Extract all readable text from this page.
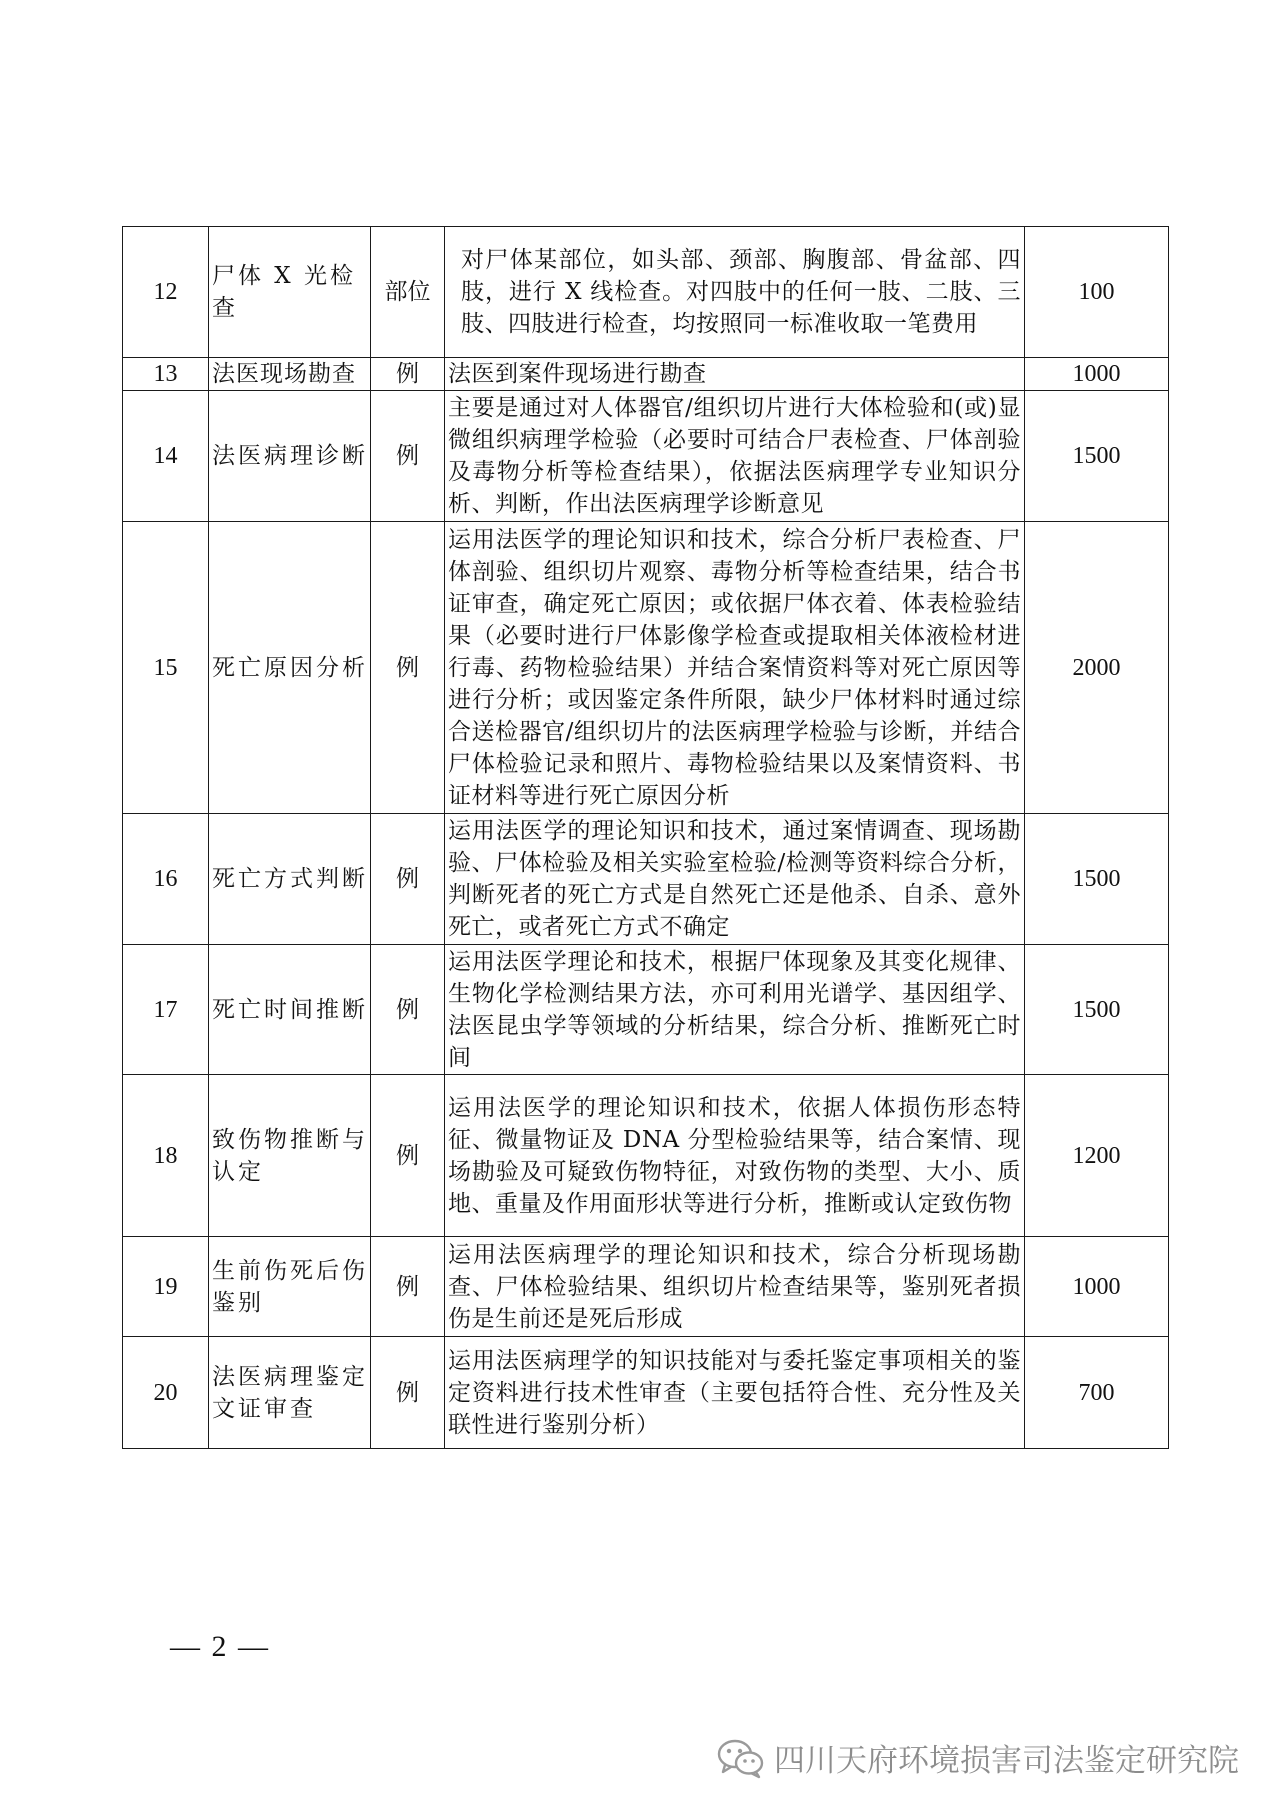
12	尸体 X 光检查	部位	对尸体某部位，如头部、颈部、胸腹部、骨盆部、四肢，进行 X 线检查。对四肢中的任何一肢、二肢、三肢、四肢进行检查，均按照同一标准收取一笔费用	100
13	法医现场勘查	例	法医到案件现场进行勘查	1000
14	法医病理诊断	例	主要是通过对人体器官/组织切片进行大体检验和(或)显微组织病理学检验（必要时可结合尸表检查、尸体剖验及毒物分析等检查结果），依据法医病理学专业知识分析、判断，作出法医病理学诊断意见	1500
15	死亡原因分析	例	运用法医学的理论知识和技术，综合分析尸表检查、尸体剖验、组织切片观察、毒物分析等检查结果，结合书证审查，确定死亡原因；或依据尸体衣着、体表检验结果（必要时进行尸体影像学检查或提取相关体液检材进行毒、药物检验结果）并结合案情资料等对死亡原因等进行分析；或因鉴定条件所限，缺少尸体材料时通过综合送检器官/组织切片的法医病理学检验与诊断，并结合尸体检验记录和照片、毒物检验结果以及案情资料、书证材料等进行死亡原因分析	2000
16	死亡方式判断	例	运用法医学的理论知识和技术，通过案情调查、现场勘验、尸体检验及相关实验室检验/检测等资料综合分析，判断死者的死亡方式是自然死亡还是他杀、自杀、意外死亡，或者死亡方式不确定	1500
17	死亡时间推断	例	运用法医学理论和技术，根据尸体现象及其变化规律、生物化学检测结果方法，亦可利用光谱学、基因组学、法医昆虫学等领域的分析结果，综合分析、推断死亡时间	1500
18	致伤物推断与认定	例	运用法医学的理论知识和技术，依据人体损伤形态特征、微量物证及 DNA 分型检验结果等，结合案情、现场勘验及可疑致伤物特征，对致伤物的类型、大小、质地、重量及作用面形状等进行分析，推断或认定致伤物	1200
19	生前伤死后伤鉴别	例	运用法医病理学的理论知识和技术，综合分析现场勘查、尸体检验结果、组织切片检查结果等，鉴别死者损伤是生前还是死后形成	1000
20	法医病理鉴定文证审查	例	运用法医病理学的知识技能对与委托鉴定事项相关的鉴定资料进行技术性审查（主要包括符合性、充分性及关联性进行鉴别分析）	700
— 2 —
四川天府环境损害司法鉴定研究院
